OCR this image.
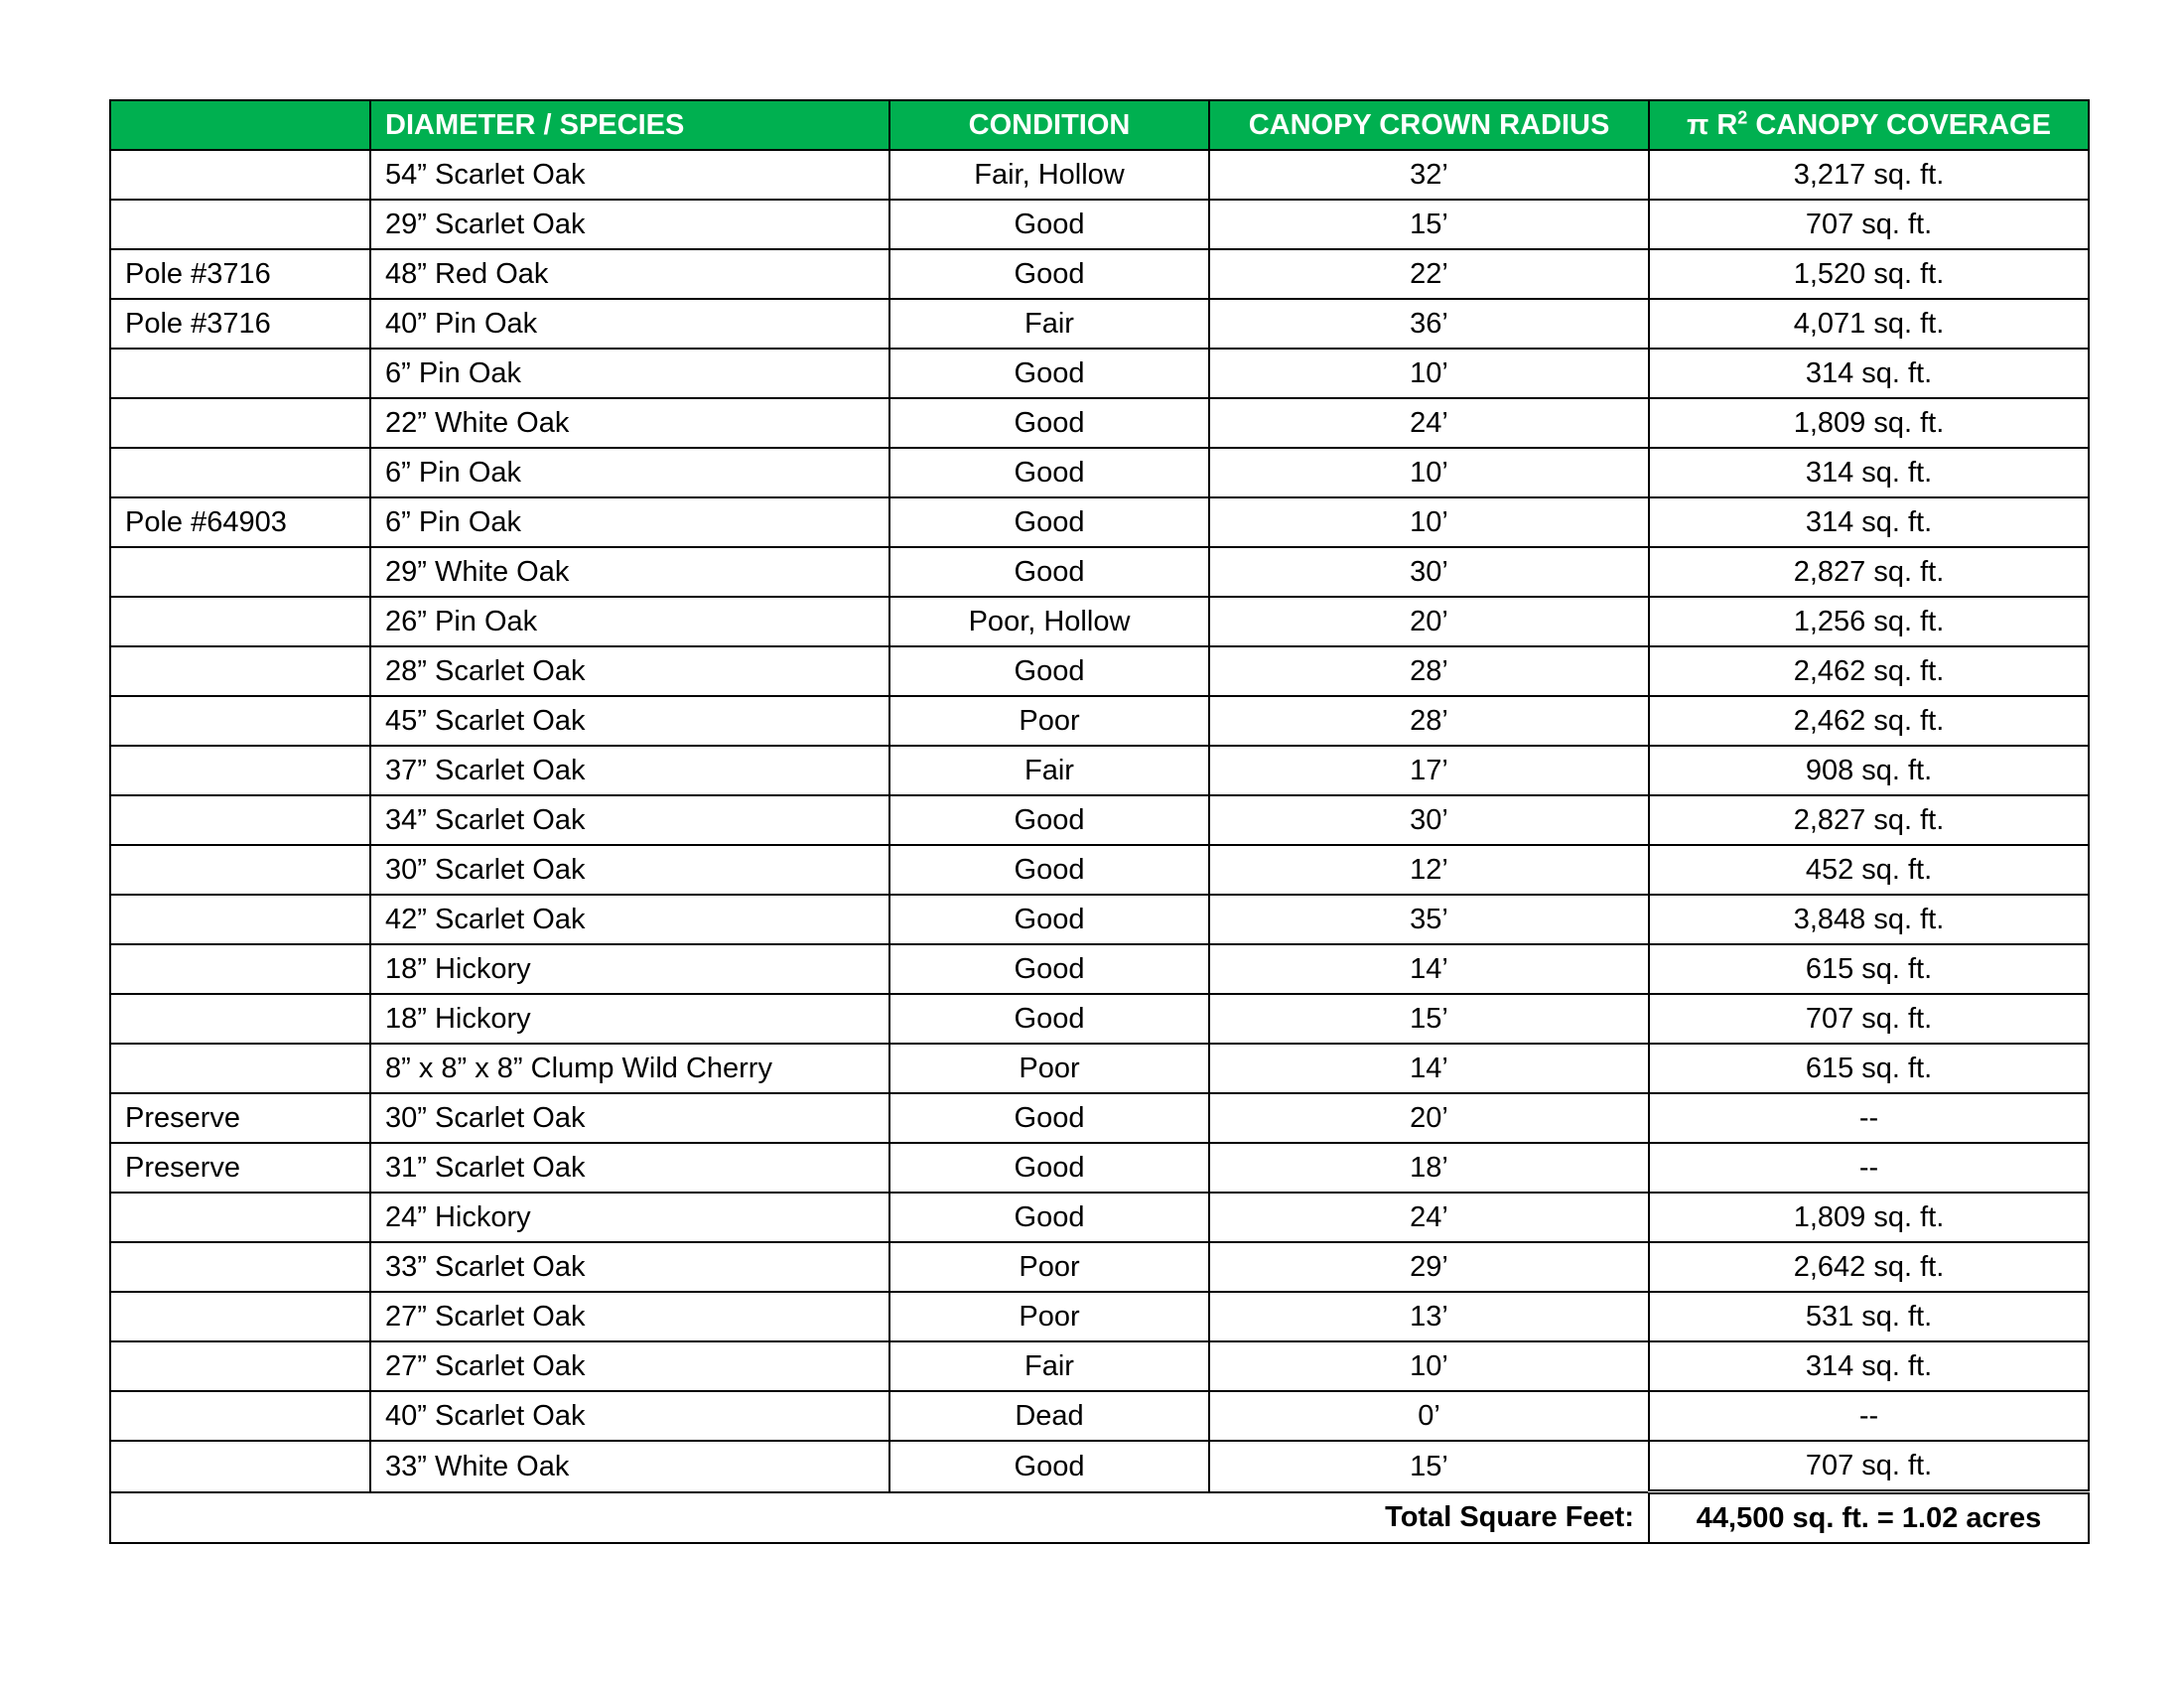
	DIAMETER / SPECIES	CONDITION	CANOPY CROWN RADIUS	π $R^2$ CANOPY COVERAGE
	54” Scarlet Oak	Fair, Hollow	32’	3,217 sq. ft.
	29” Scarlet Oak	Good	15’	707 sq. ft.
Pole #3716	48” Red Oak	Good	22’	1,520 sq. ft.
Pole #3716	40” Pin Oak	Fair	36’	4,071 sq. ft.
	6” Pin Oak	Good	10’	314 sq. ft.
	22” White Oak	Good	24’	1,809 sq. ft.
	6” Pin Oak	Good	10’	314 sq. ft.
Pole #64903	6” Pin Oak	Good	10’	314 sq. ft.
	29” White Oak	Good	30’	2,827 sq. ft.
	26” Pin Oak	Poor, Hollow	20’	1,256 sq. ft.
	28” Scarlet Oak	Good	28’	2,462 sq. ft.
	45” Scarlet Oak	Poor	28’	2,462 sq. ft.
	37” Scarlet Oak	Fair	17’	908 sq. ft.
	34” Scarlet Oak	Good	30’	2,827 sq. ft.
	30” Scarlet Oak	Good	12’	452 sq. ft.
	42” Scarlet Oak	Good	35’	3,848 sq. ft.
	18” Hickory	Good	14’	615 sq. ft.
	18” Hickory	Good	15’	707 sq. ft.
	8” x 8” x 8” Clump Wild Cherry	Poor	14’	615 sq. ft.
Preserve	30” Scarlet Oak	Good	20’	--
Preserve	31” Scarlet Oak	Good	18’	--
	24” Hickory	Good	24’	1,809 sq. ft.
	33” Scarlet Oak	Poor	29’	2,642 sq. ft.
	27” Scarlet Oak	Poor	13’	531 sq. ft.
	27” Scarlet Oak	Fair	10’	314 sq. ft.
	40” Scarlet Oak	Dead	0’	--
	33” White Oak	Good	15’	707 sq. ft.
Total Square Feet:				44,500 sq. ft. = 1.02 acres
